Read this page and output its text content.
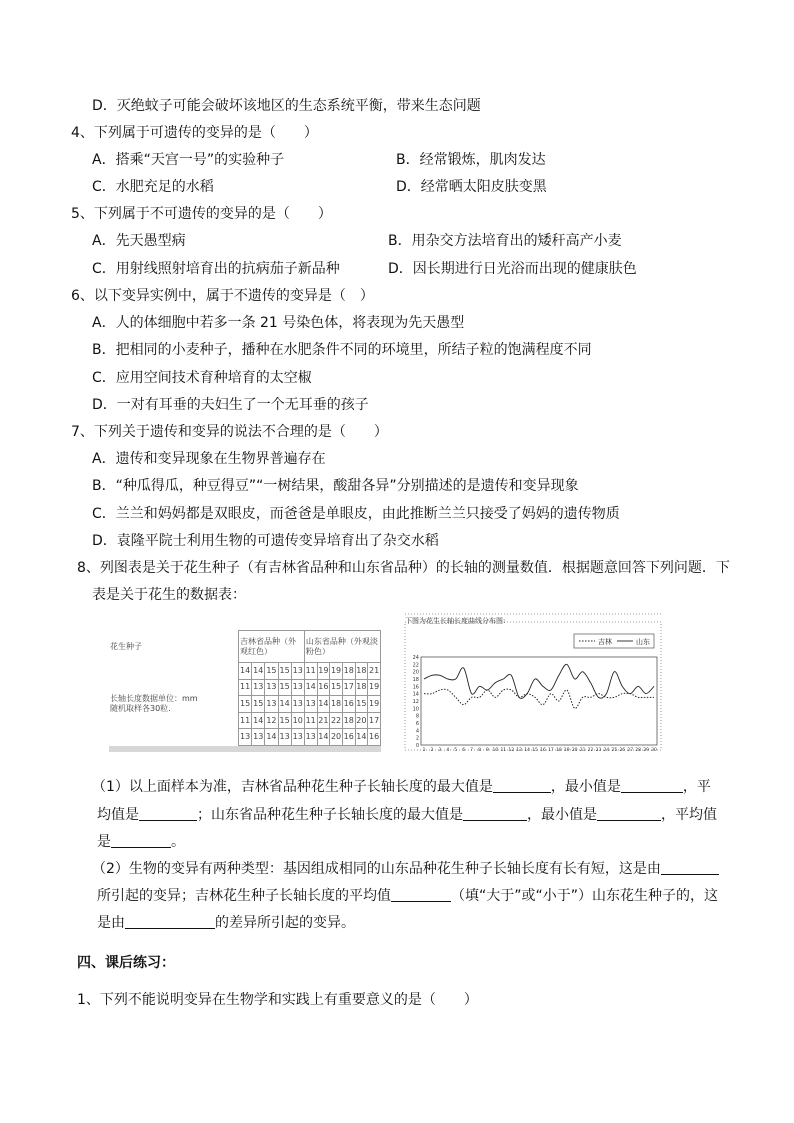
D．灭绝蚊子可能会破坏该地区的生态系统平衡，带来生态问题
4、下列属于可遗传的变异的是（　　）
A．搭乘“天宫一号”的实验种子	B．经常锻炼，肌肉发达
C．水肥充足的水稻	D．经常晒太阳皮肤变黑
5、下列属于不可遗传的变异的是（　　）
A．先天愚型病	B．用杂交方法培育出的矮秆高产小麦
C．用射线照射培育出的抗病茄子新品种	D．因长期进行日光浴而出现的健康肤色
6、以下变异实例中，属于不遗传的变异是（　）
A．人的体细胞中若多一条 21 号染色体，将表现为先天愚型
B．把相同的小麦种子，播种在水肥条件不同的环境里，所结子粒的饱满程度不同
C．应用空间技术育种培育的太空椒
D．一对有耳垂的夫妇生了一个无耳垂的孩子
7、下列关于遗传和变异的说法不合理的是（　　）
A．遗传和变异现象在生物界普遍存在
B．“种瓜得瓜，种豆得豆”“一树结果，酸甜各异”分别描述的是遗传和变异现象
C．兰兰和妈妈都是双眼皮，而爸爸是单眼皮，由此推断兰兰只接受了妈妈的遗传物质
D．袁隆平院士利用生物的可遗传变异培育出了杂交水稻
8、列图表是关于花生种子（有吉林省品种和山东省品种）的长轴的测量数值．根据题意回答下列问题．下
表是关于花生的数据表：
花生种子	吉林省品种（外观红色）					山东省品种（外观淡粉色）					
长轴长度数据单位：mm 随机取样各30粒.	14	14	15	15	13	11	19	19	18	18	21
	11	13	13	15	13	14	16	15	17	18	19
	15	15	13	14	13	13	14	18	16	15	19
	11	14	12	15	10	11	21	22	18	20	17
	13	13	14	13	13	13	14	20	16	14	16
下图为花生长轴长度曲线分布图:
0
2
4
6
8
10
12
14
16
18
20
22
24
1 2 3 4 5 6 7 8 9 10 11 12 13 14 15 16 17 18 19 20 21 22 23 24 25 26 27 28 29 30
吉林	山东
（1）以上面样本为准，吉林省品种花生种子长轴长度的最大值是	，最小值是	，平
均值是	；山东省品种花生种子长轴长度的最大值是	，最小值是	，平均值
是	。
（2）生物的变异有两种类型：基因组成相同的山东品种花生种子长轴长度有长有短，这是由
所引起的变异；吉林花生种子长轴长度的平均值	（填“大于”或“小于”）山东花生种子的，这
是由	的差异所引起的变异。
四、课后练习：
1、下列不能说明变异在生物学和实践上有重要意义的是（　　）
